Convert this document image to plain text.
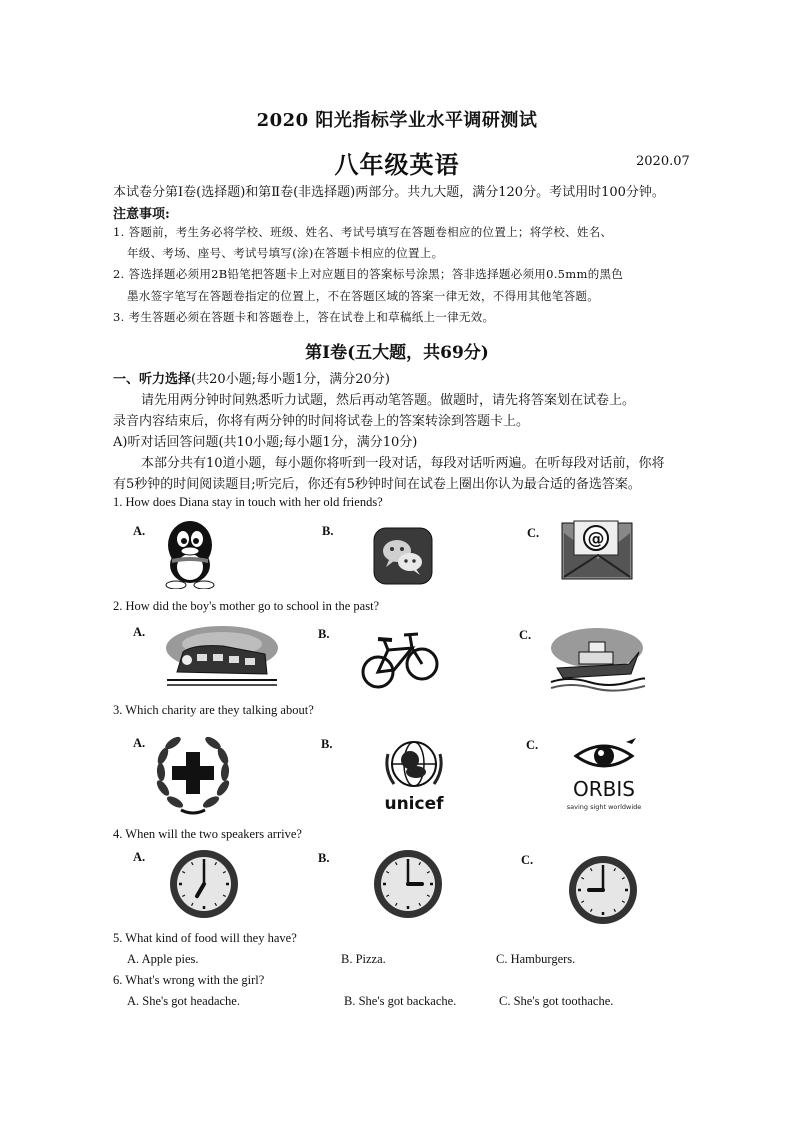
2020 阳光指标学业水平调研测试
八年级英语	2020.07
本试卷分第Ⅰ卷(选择题)和第Ⅱ卷(非选择题)两部分。共九大题，满分120分。考试用时100分钟。
注意事项:
1. 答题前，考生务必将学校、班级、姓名、考试号填写在答题卷相应的位置上；将学校、姓名、
年级、考场、座号、考试号填写(涂)在答题卡相应的位置上。
2. 答选择题必须用2B铅笔把答题卡上对应题目的答案标号涂黑；答非选择题必须用0.5mm的黑色
墨水签字笔写在答题卷指定的位置上，不在答题区域的答案一律无效，不得用其他笔答题。
3. 考生答题必须在答题卡和答题卷上，答在试卷上和草稿纸上一律无效。
第Ⅰ卷(五大题，共69分)
一、听力选择(共20小题;每小题1分，满分20分)
请先用两分钟时间熟悉听力试题，然后再动笔答题。做题时，请先将答案划在试卷上。
录音内容结束后，你将有两分钟的时间将试卷上的答案转涂到答题卡上。
A)听对话回答问题(共10小题;每小题1分，满分10分)
本部分共有10道小题，每小题你将听到一段对话，每段对话听两遍。在听每段对话前，你将
有5秒钟的时间阅读题目;听完后，你还有5秒钟时间在试卷上圈出你认为最合适的备选答案。
1. How does Diana stay in touch with her old friends?
A.	B.	C.	@
2. How did the boy's mother go to school in the past?
A.	B.	C.
3. Which charity are they talking about?
A.	B.	C.
unicef
ORBIS
saving sight worldwide
4. When will the two speakers arrive?
A.	B.	C.
5. What kind of food will they have?
A. Apple pies.	B. Pizza.	C. Hamburgers.
6. What's wrong with the girl?
A. She's got headache.	B. She's got backache.	C. She's got toothache.
